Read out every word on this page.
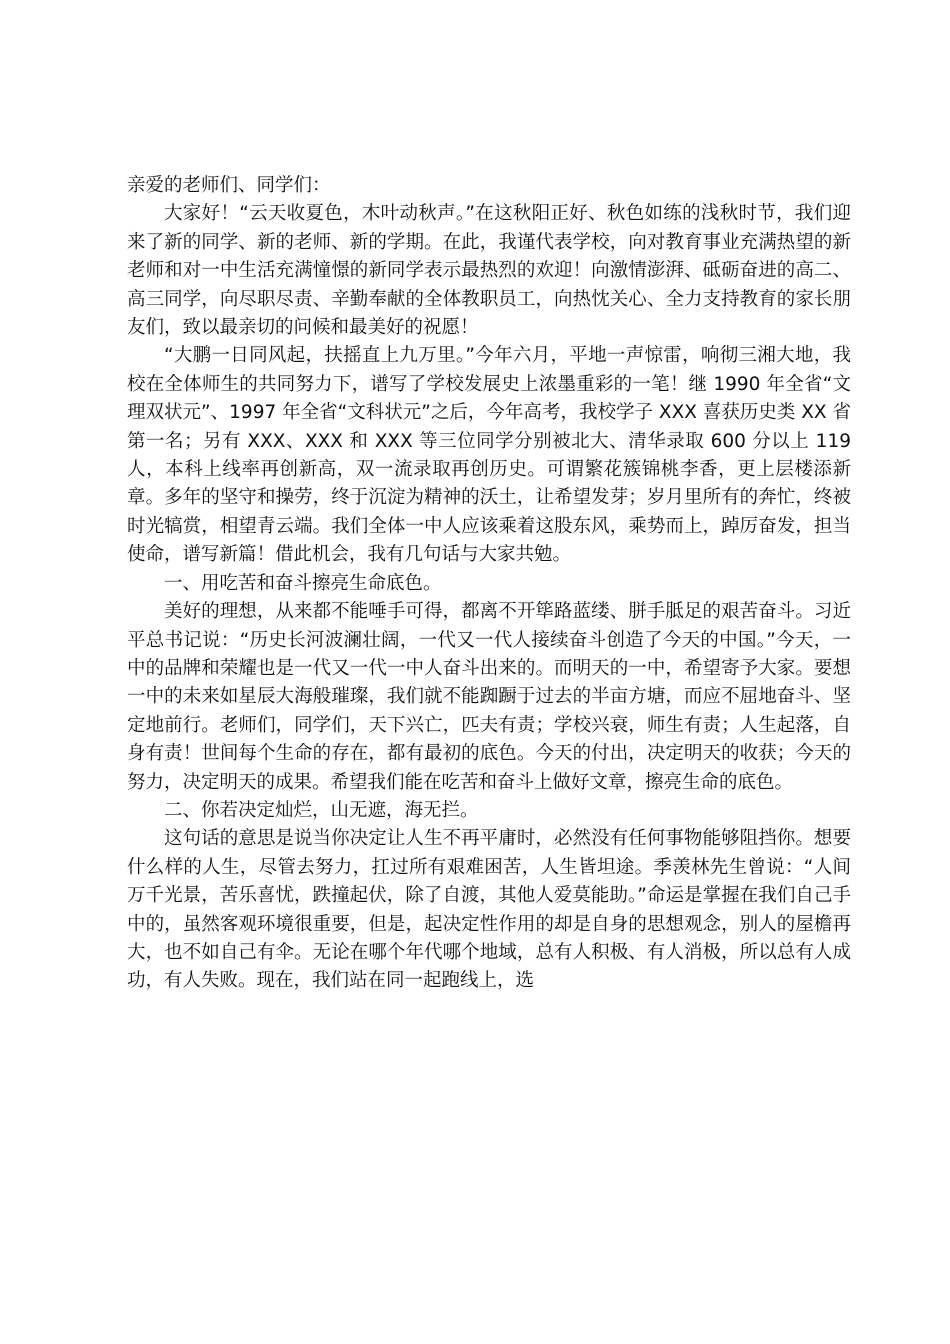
亲爱的老师们、同学们：

大家好！“云天收夏色，木叶动秋声。”在这秋阳正好、秋色如练的浅秋时节，我们迎来了新的同学、新的老师、新的学期。在此，我谨代表学校，向对教育事业充满热望的新老师和对一中生活充满憧憬的新同学表示最热烈的欢迎！向激情澎湃、砥砺奋进的高二、高三同学，向尽职尽责、辛勤奉献的全体教职员工，向热忱关心、全力支持教育的家长朋友们，致以最亲切的问候和最美好的祝愿！

“大鹏一日同风起，扶摇直上九万里。”今年六月，平地一声惊雷，响彻三湘大地，我校在全体师生的共同努力下，谱写了学校发展史上浓墨重彩的一笔！继 1990 年全省“文理双状元”、1997 年全省“文科状元”之后，今年高考，我校学子 XXX 喜获历史类 XX 省第一名；另有 XXX、XXX 和 XXX 等三位同学分别被北大、清华录取 600 分以上 119 人，本科上线率再创新高，双一流录取再创历史。可谓繁花簇锦桃李香，更上层楼添新章。多年的坚守和操劳，终于沉淀为精神的沃土，让希望发芽；岁月里所有的奔忙，终被时光犒赏，相望青云端。我们全体一中人应该乘着这股东风，乘势而上，踔厉奋发，担当使命，谱写新篇！借此机会，我有几句话与大家共勉。

一、用吃苦和奋斗擦亮生命底色。

美好的理想，从来都不能唾手可得，都离不开筚路蓝缕、胼手胝足的艰苦奋斗。习近平总书记说：“历史长河波澜壮阔，一代又一代人接续奋斗创造了今天的中国。”今天，一中的品牌和荣耀也是一代又一代一中人奋斗出来的。而明天的一中，希望寄予大家。要想一中的未来如星辰大海般璀璨，我们就不能踟蹰于过去的半亩方塘，而应不屈地奋斗、坚定地前行。老师们，同学们，天下兴亡，匹夫有责；学校兴衰，师生有责；人生起落，自身有责！世间每个生命的存在，都有最初的底色。今天的付出，决定明天的收获；今天的努力，决定明天的成果。希望我们能在吃苦和奋斗上做好文章，擦亮生命的底色。

二、你若决定灿烂，山无遮，海无拦。

这句话的意思是说当你决定让人生不再平庸时，必然没有任何事物能够阻挡你。想要什么样的人生，尽管去努力，扛过所有艰难困苦，人生皆坦途。季羡林先生曾说：“人间万千光景，苦乐喜忧，跌撞起伏，除了自渡，其他人爱莫能助。”命运是掌握在我们自己手中的，虽然客观环境很重要，但是，起决定性作用的却是自身的思想观念，别人的屋檐再大，也不如自己有伞。无论在哪个年代哪个地域，总有人积极、有人消极，所以总有人成功，有人失败。现在，我们站在同一起跑线上，选
